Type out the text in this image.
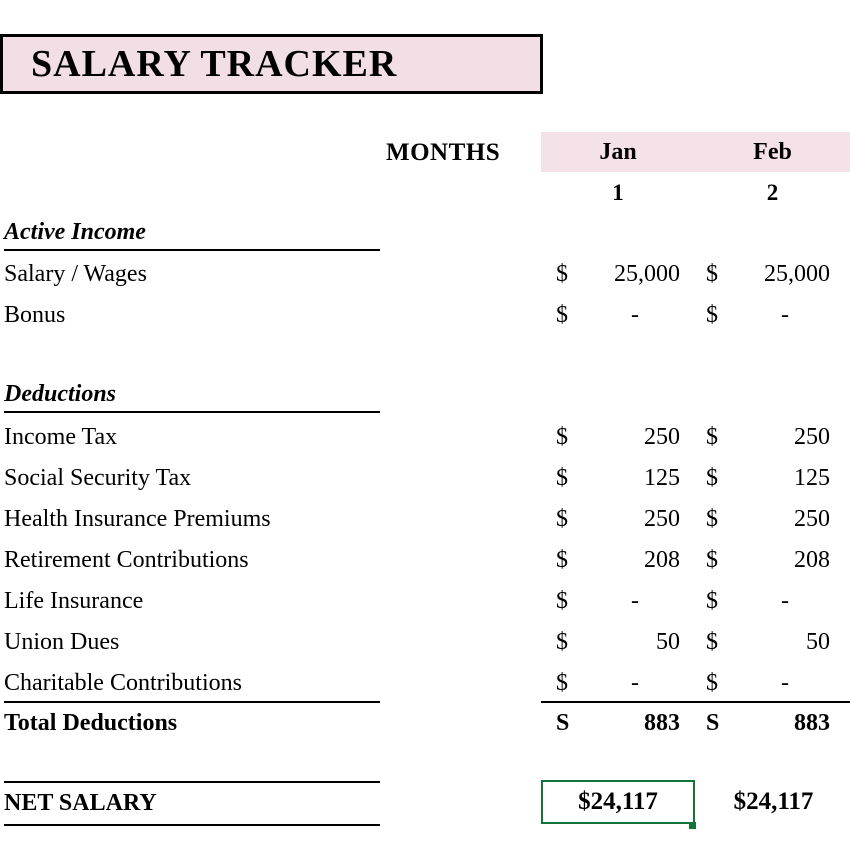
SALARY TRACKER
MONTHS	Jan	Feb
1	2
Active Income
Salary / Wages	$	25,000 $	25,000
Bonus	$	-	$	-
Deductions
Income Tax	$	250 $	250
Social Security Tax	$	125 $	125
Health Insurance Premiums	$	250 $	250
Retirement Contributions	$	208 $	208
Life Insurance	$	-	$	-
Union Dues	$	50 $	50
Charitable Contributions	$	-	$	-
Total Deductions	S	883 S	883
NET SALARY	$24,117	$24,117
